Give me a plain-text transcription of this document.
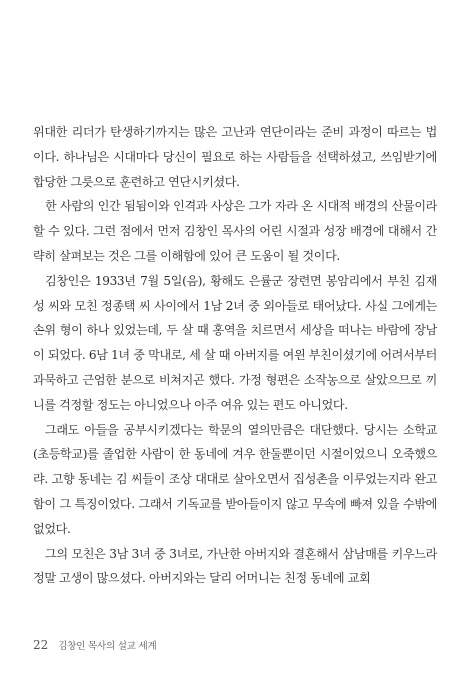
위대한 리더가 탄생하기까지는 많은 고난과 연단이라는 준비 과정이 따르는 법이다. 하나님은 시대마다 당신이 필요로 하는 사람들을 선택하셨고, 쓰임받기에 합당한 그릇으로 훈련하고 연단시키셨다.

한 사람의 인간 됨됨이와 인격과 사상은 그가 자라 온 시대적 배경의 산물이라 할 수 있다. 그런 점에서 먼저 김창인 목사의 어린 시절과 성장 배경에 대해서 간략히 살펴보는 것은 그를 이해함에 있어 큰 도움이 될 것이다.

김창인은 1933년 7월 5일(음), 황해도 은률군 장련면 봉암리에서 부친 김재성 씨와 모친 정종택 씨 사이에서 1남 2녀 중 외아들로 태어났다. 사실 그에게는 손위 형이 하나 있었는데, 두 살 때 홍역을 치르면서 세상을 떠나는 바람에 장남이 되었다. 6남 1녀 중 막내로, 세 살 때 아버지를 여읜 부친이셨기에 어려서부터 과묵하고 근엄한 분으로 비쳐지곤 했다. 가정 형편은 소작농으로 살았으므로 끼니를 걱정할 정도는 아니었으나 아주 여유 있는 편도 아니었다.

그래도 아들을 공부시키겠다는 학문의 열의만큼은 대단했다. 당시는 소학교(초등학교)를 졸업한 사람이 한 동네에 겨우 한둘뿐이던 시절이었으니 오죽했으랴. 고향 동네는 김 씨들이 조상 대대로 살아오면서 집성촌을 이루었는지라 완고함이 그 특징이었다. 그래서 기독교를 받아들이지 않고 무속에 빠져 있을 수밖에 없었다.

그의 모친은 3남 3녀 중 3녀로, 가난한 아버지와 결혼해서 삼남매를 키우느라 정말 고생이 많으셨다. 아버지와는 달리 어머니는 친정 동네에 교회

22 김창인 목사의 설교 세계
